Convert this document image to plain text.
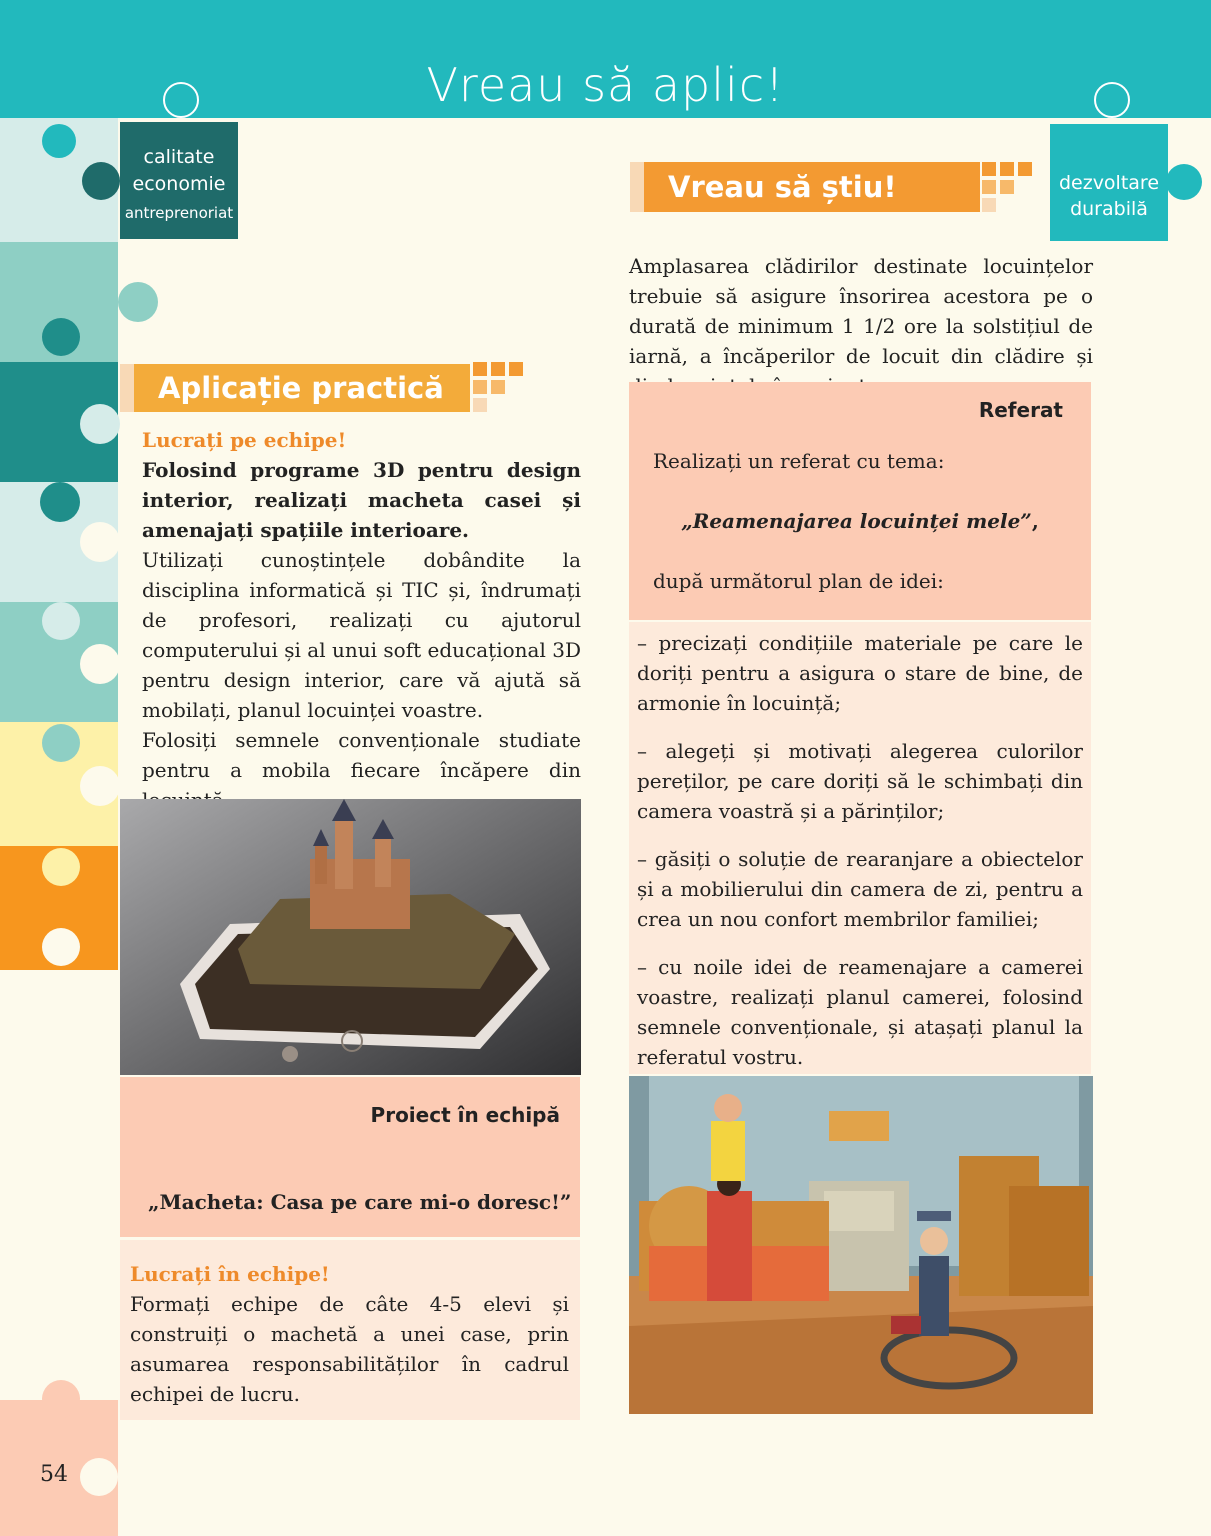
Vreau să aplic!
calitate
economie
antreprenoriat
dezvoltare
durabilă
Vreau să știu!
Amplasarea clădirilor destinate locuințelor trebuie să asigure însorirea acestora pe o durată de minimum 1 1/2 ore la solstițiul de iarnă, a încăperilor de locuit din clădire și
Referat
Realizați un referat cu tema:
„Reamenajarea locuinței mele”,
după următorul plan de idei:
– precizați condițiile materiale pe care le doriți pentru a asigura o stare de bine, de armonie în locuință;
– alegeți și motivați alegerea culorilor pereților, pe care doriți să le schimbați din camera voastră și a părinților;
– găsiți o soluție de rearanjare a obiectelor și a mobilierului din camera de zi, pentru a crea un nou confort membrilor familiei;
– cu noile idei de reamenajare a camerei voastre, realizați planul camerei, folosind semnele convenționale, și atașați planul la referatul vostru.
Aplicație practică
Lucrați pe echipe!
Folosind programe 3D pentru design interior, realizați macheta casei și amenajați spațiile interioare.
Utilizați cunoștințele dobândite la disciplina informatică și TIC și, îndrumați de profesori, realizați cu ajutorul computerului și al unui soft educațional 3D pentru design interior, care vă ajută să mobilați, planul locuinței voastre.
Folosiți semnele convenționale studiate pentru a mobila fiecare încăpere din
Proiect în echipă
„Macheta: Casa pe care mi-o doresc!”
Lucrați în echipe!
Formați echipe de câte 4-5 elevi și construiți o machetă a unei case, prin asumarea responsabilităților în cadrul echipei de lucru.
54
